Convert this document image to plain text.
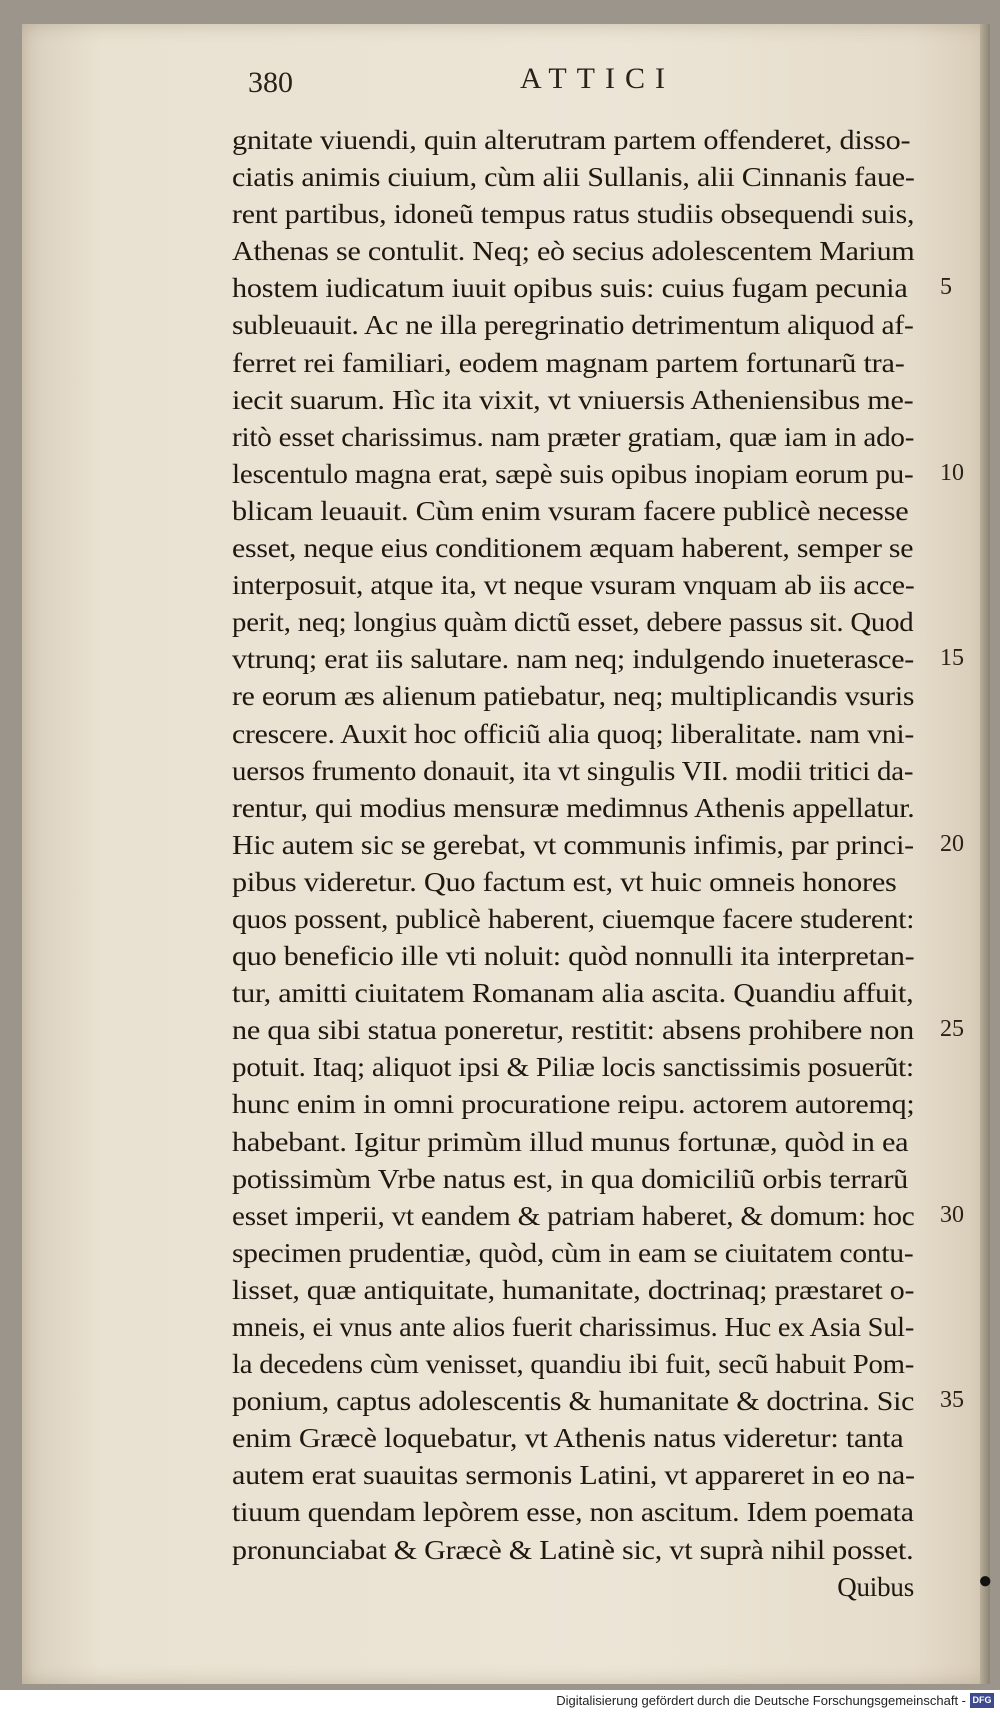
380	ATTICI
gnitate viuendi, quin alterutram partem offenderet, disso-
ciatis animis ciuium, cùm alii Sullanis, alii Cinnanis faue-
rent partibus, idoneũ tempus ratus studiis obsequendi suis,
Athenas se contulit. Neq; eò secius adolescentem Marium
hostem iudicatum iuuit opibus suis: cuius fugam pecunia
subleuauit. Ac ne illa peregrinatio detrimentum aliquod af-
ferret rei familiari, eodem magnam partem fortunarũ tra-
iecit suarum. Hìc ita vixit, vt vniuersis Atheniensibus me-
ritò esset charissimus. nam præter gratiam, quæ iam in ado-
lescentulo magna erat, sæpè suis opibus inopiam eorum pu-
blicam leuauit. Cùm enim vsuram facere publicè necesse
esset, neque eius conditionem æquam haberent, semper se
interposuit, atque ita, vt neque vsuram vnquam ab iis acce-
perit, neq; longius quàm dictũ esset, debere passus sit. Quod
vtrunq; erat iis salutare. nam neq; indulgendo inueterasce-
re eorum æs alienum patiebatur, neq; multiplicandis vsuris
crescere. Auxit hoc officiũ alia quoq; liberalitate. nam vni-
uersos frumento donauit, ita vt singulis VII. modii tritici da-
rentur, qui modius mensuræ medimnus Athenis appellatur.
Hic autem sic se gerebat, vt communis infimis, par princi-
pibus videretur. Quo factum est, vt huic omneis honores
quos possent, publicè haberent, ciuemque facere studerent:
quo beneficio ille vti noluit: quòd nonnulli ita interpretan-
tur, amitti ciuitatem Romanam alia ascita. Quandiu affuit,
ne qua sibi statua poneretur, restitit: absens prohibere non
potuit. Itaq; aliquot ipsi & Piliæ locis sanctissimis posuerũt:
hunc enim in omni procuratione reipu. actorem autoremq;
habebant. Igitur primùm illud munus fortunæ, quòd in ea
potissimùm Vrbe natus est, in qua domiciliũ orbis terrarũ
esset imperii, vt eandem & patriam haberet, & domum: hoc
specimen prudentiæ, quòd, cùm in eam se ciuitatem contu-
lisset, quæ antiquitate, humanitate, doctrinaq; præstaret o-
mneis, ei vnus ante alios fuerit charissimus. Huc ex Asia Sul-
la decedens cùm venisset, quandiu ibi fuit, secũ habuit Pom-
ponium, captus adolescentis & humanitate & doctrina. Sic
enim Græcè loquebatur, vt Athenis natus videretur: tanta
autem erat suauitas sermonis Latini, vt appareret in eo na-
tiuum quendam lepòrem esse, non ascitum. Idem poemata
pronunciabat & Græcè & Latinè sic, vt suprà nihil posset.
Quibus
5
10
15
20
25
30
35
●
Digitalisierung gefördert durch die Deutsche Forschungsgemeinschaft - DFG
